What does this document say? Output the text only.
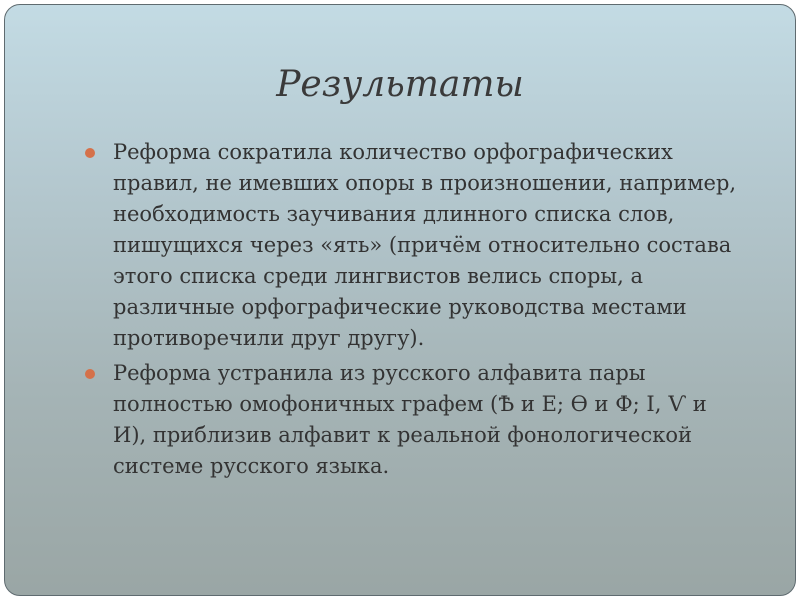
Результаты
Реформа сократила количество орфографических правил, не имевших опоры в произношении, например, необходимость заучивания длинного списка слов, пишущихся через «ять» (причём относительно состава этого списка среди лингвистов велись споры, а различные орфографические руководства местами противоречили друг другу).
Реформа устранила из русского алфавита пары полностью омофоничных графем (Ѣ и Е; Ѳ и Ф; І, Ѵ и И), приблизив алфавит к реальной фонологической системе русского языка.
